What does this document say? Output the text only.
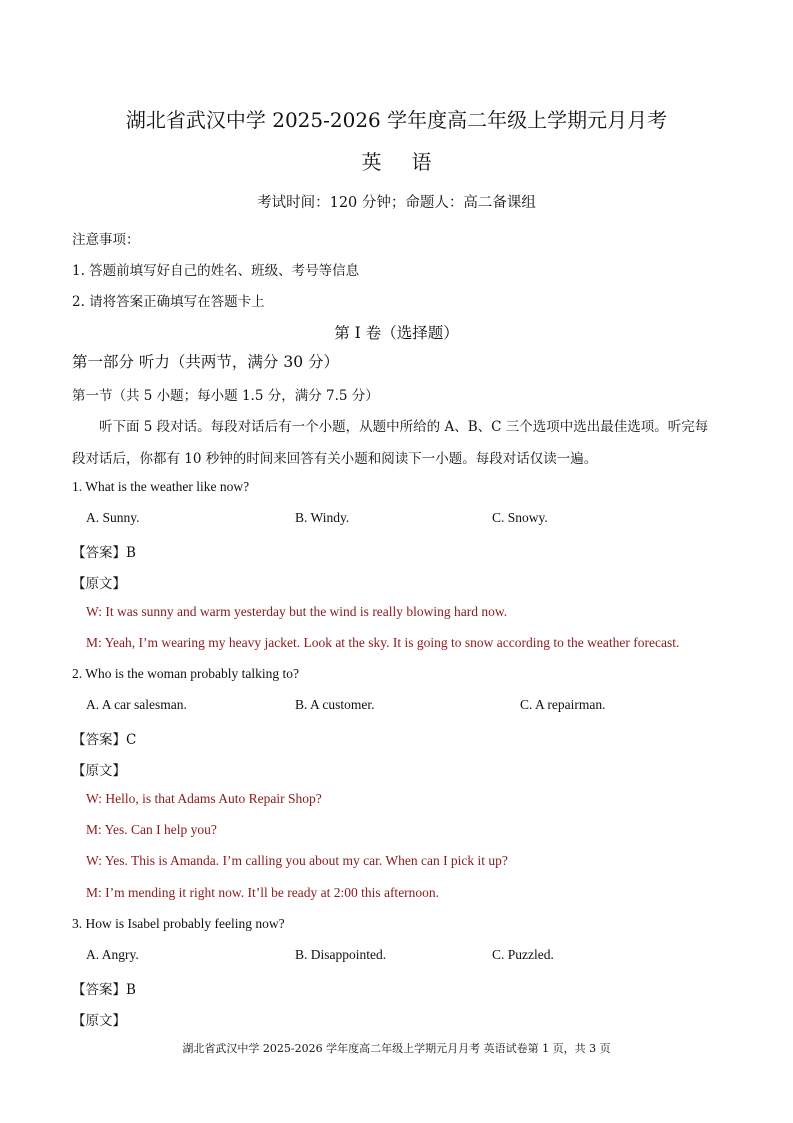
湖北省武汉中学 2025-2026 学年度高二年级上学期元月月考
英语
考试时间：120 分钟；命题人：高二备课组
注意事项：
1. 答题前填写好自己的姓名、班级、考号等信息
2. 请将答案正确填写在答题卡上
第 I 卷（选择题）
第一部分 听力（共两节，满分 30 分）
第一节（共 5 小题；每小题 1.5 分，满分 7.5 分）
听下面 5 段对话。每段对话后有一个小题，从题中所给的 A、B、C 三个选项中选出最佳选项。听完每
段对话后，你都有 10 秒钟的时间来回答有关小题和阅读下一小题。每段对话仅读一遍。
1. What is the weather like now?
A. Sunny.	B. Windy.	C. Snowy.
【答案】B
【原文】
W: It was sunny and warm yesterday but the wind is really blowing hard now.
M: Yeah, I’m wearing my heavy jacket. Look at the sky. It is going to snow according to the weather forecast.
2. Who is the woman probably talking to?
A. A car salesman.	B. A customer.	C. A repairman.
【答案】C
【原文】
W: Hello, is that Adams Auto Repair Shop?
M: Yes. Can I help you?
W: Yes. This is Amanda. I’m calling you about my car. When can I pick it up?
M: I’m mending it right now. It’ll be ready at 2:00 this afternoon.
3. How is Isabel probably feeling now?
A. Angry.	B. Disappointed.	C. Puzzled.
【答案】B
【原文】
湖北省武汉中学 2025-2026 学年度高二年级上学期元月月考 英语试卷第 1 页，共 3 页
